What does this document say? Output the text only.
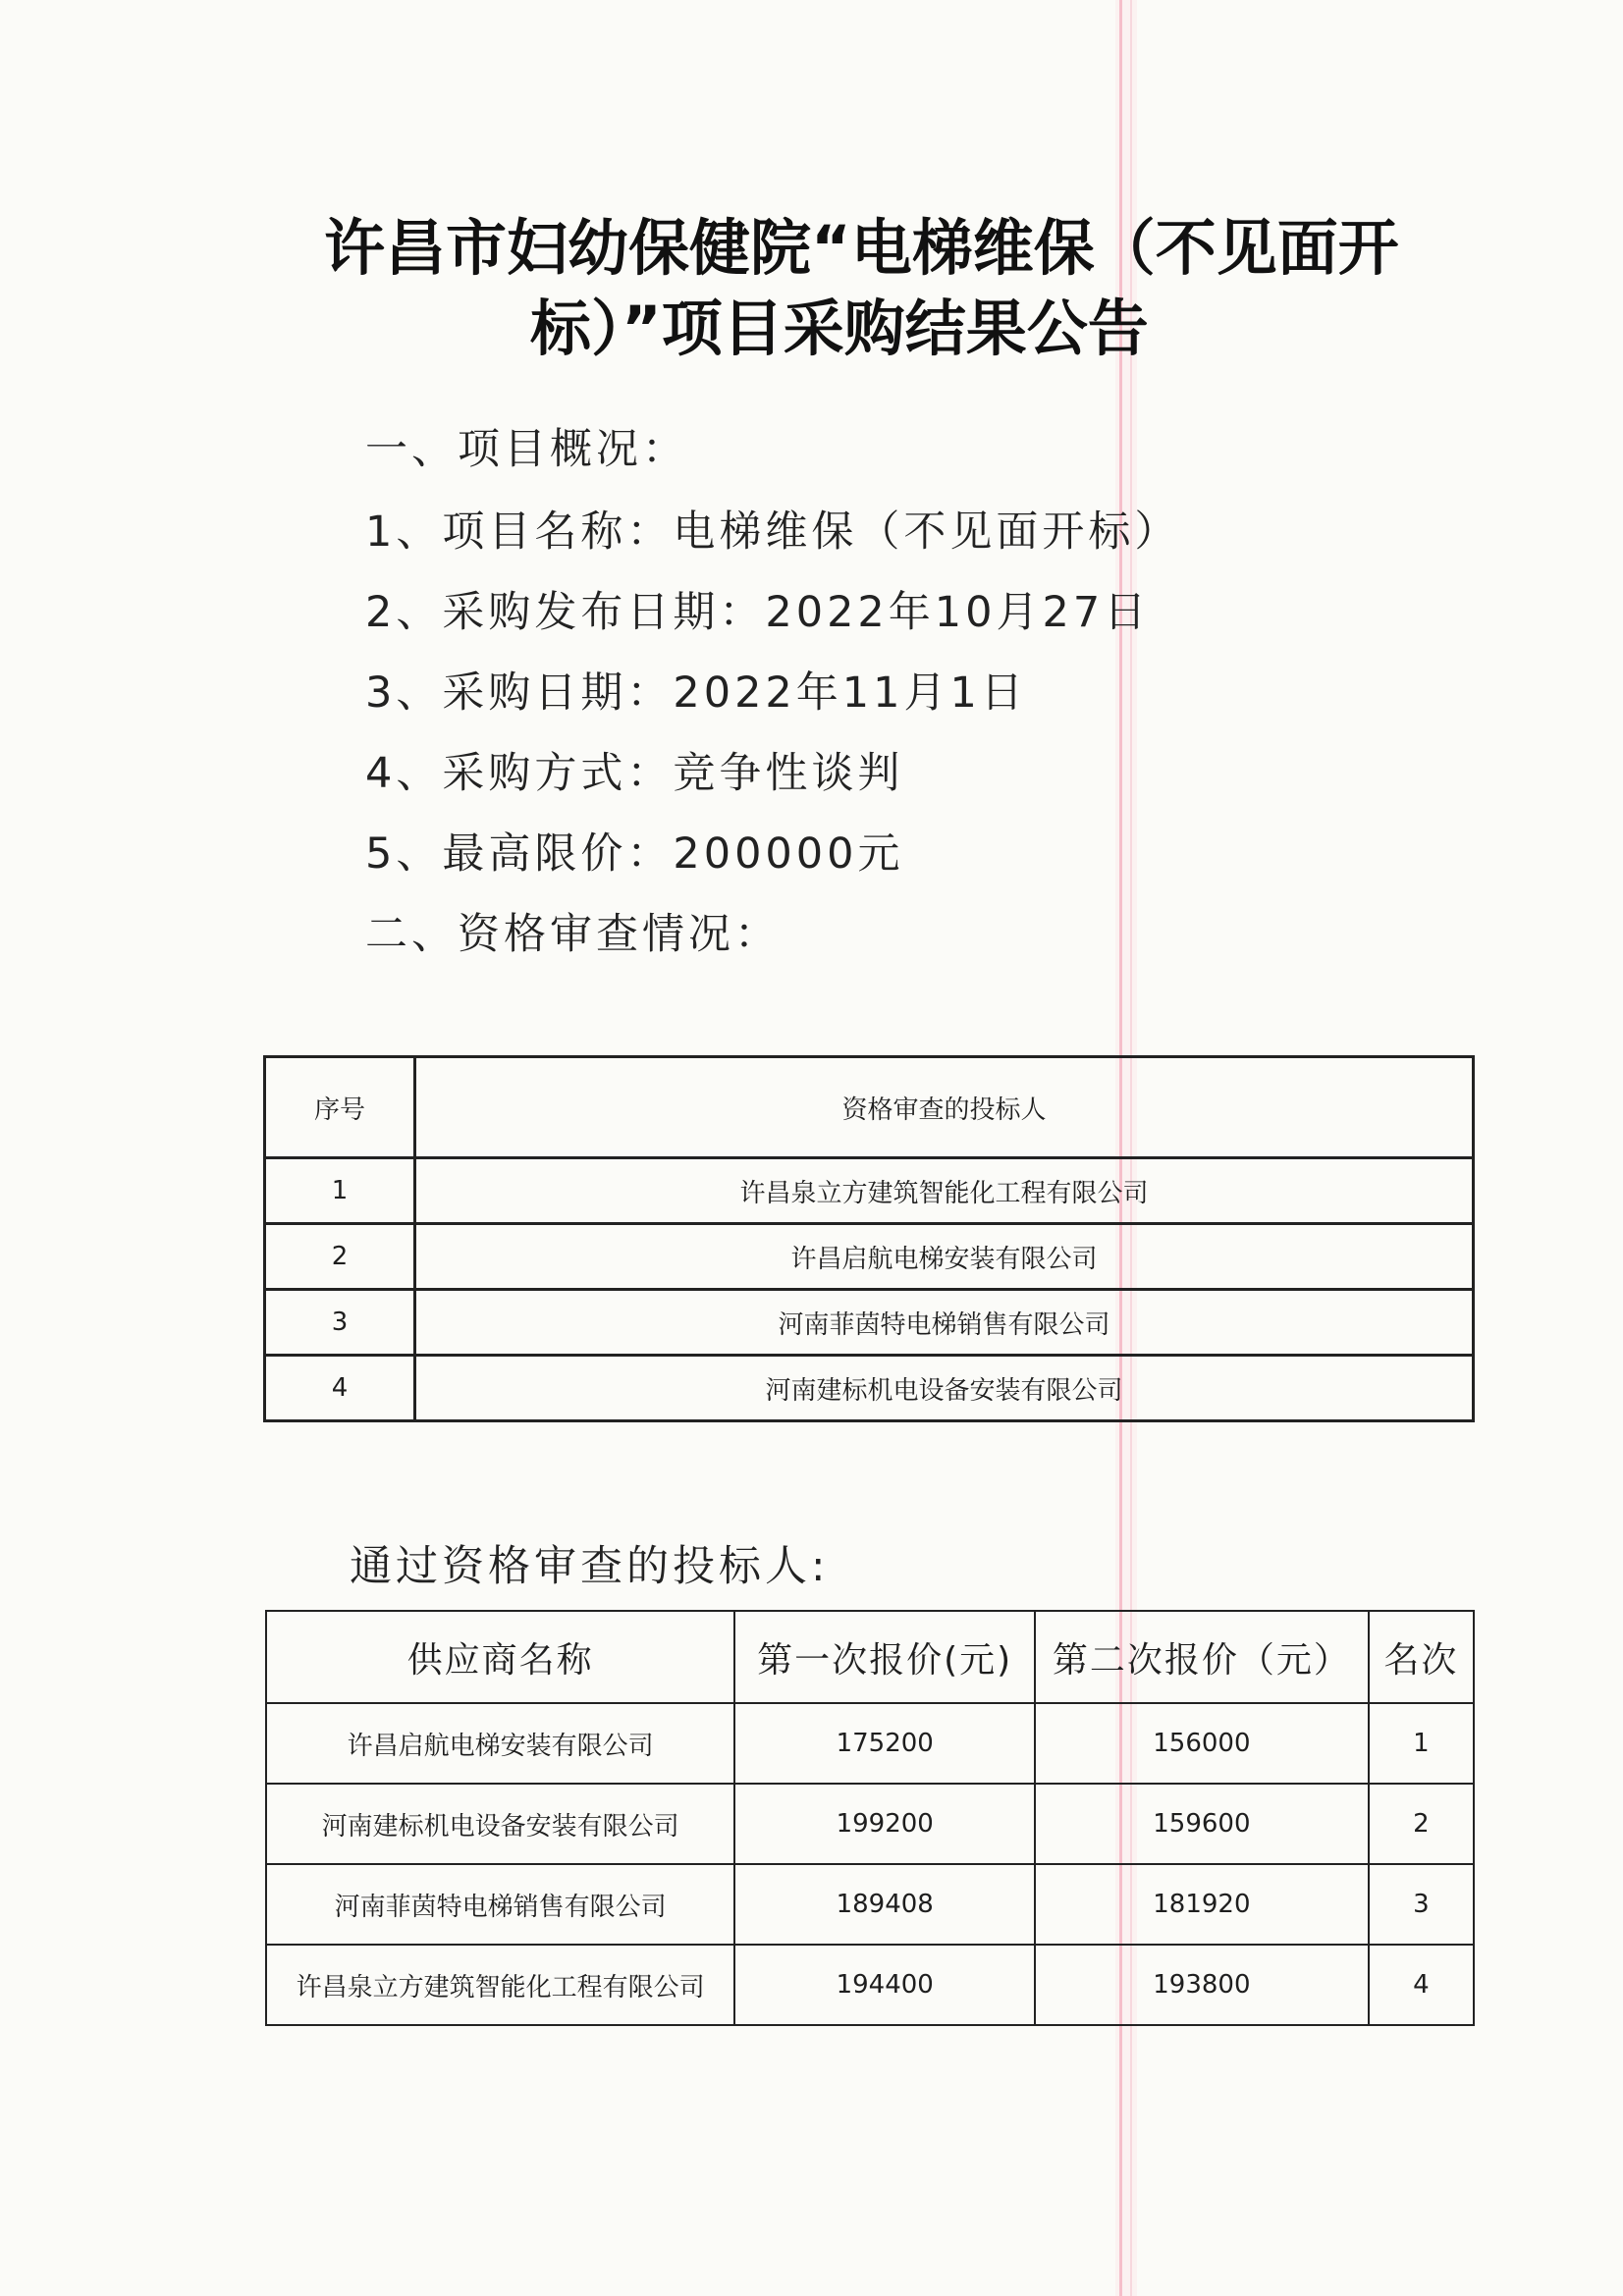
许昌市妇幼保健院“电梯维保（不见面开
标）”项目采购结果公告
一、项目概况：
1、项目名称：电梯维保（不见面开标）
2、采购发布日期：2022年10月27日
3、采购日期：2022年11月1日
4、采购方式：竞争性谈判
5、最高限价：200000元
二、资格审查情况：
序号	资格审查的投标人
1	许昌泉立方建筑智能化工程有限公司
2	许昌启航电梯安装有限公司
3	河南菲茵特电梯销售有限公司
4	河南建标机电设备安装有限公司
通过资格审查的投标人:
供应商名称	第一次报价(元)	第二次报价（元）	名次
许昌启航电梯安装有限公司	175200	156000	1
河南建标机电设备安装有限公司	199200	159600	2
河南菲茵特电梯销售有限公司	189408	181920	3
许昌泉立方建筑智能化工程有限公司	194400	193800	4
